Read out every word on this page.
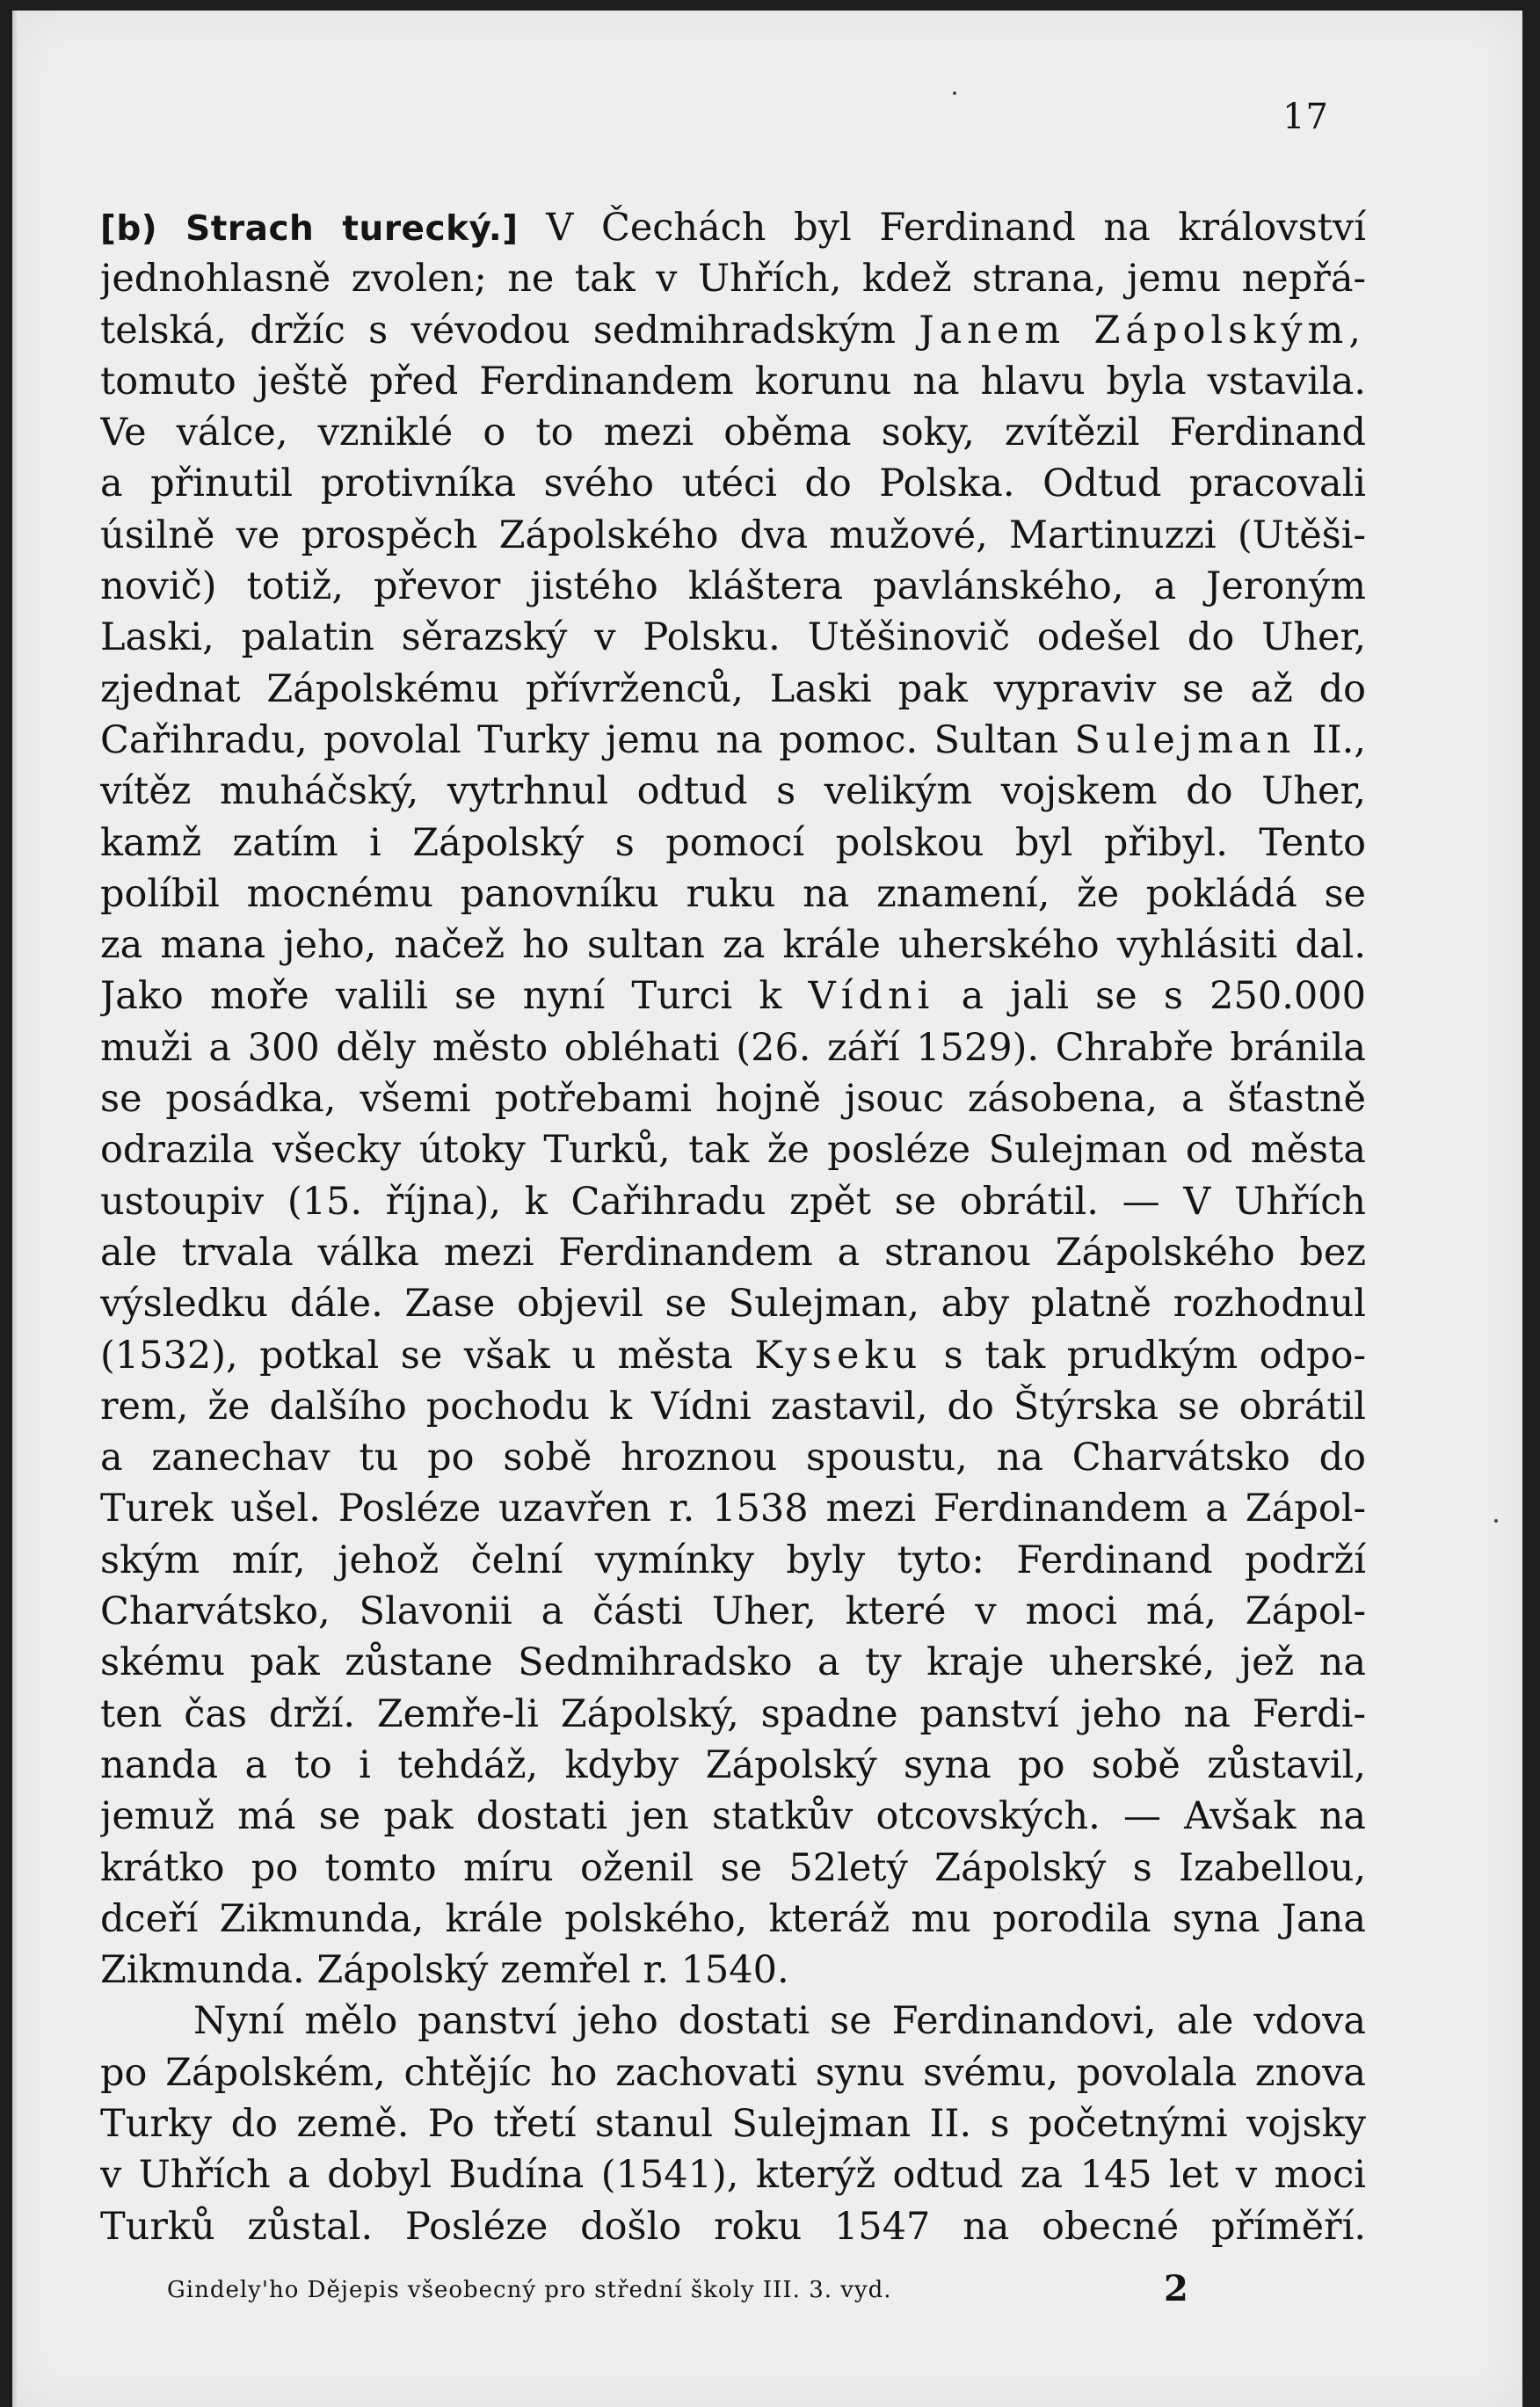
17
[b) Strach turecký.] V Čechách byl Ferdinand na království
jednohlasně zvolen; ne tak v Uhřích, kdež strana, jemu nepřá-
telská, držíc s vévodou sedmihradským Janem Zápolským,
tomuto ještě před Ferdinandem korunu na hlavu byla vstavila.
Ve válce, vzniklé o to mezi oběma soky, zvítězil Ferdinand
a přinutil protivníka svého utéci do Polska. Odtud pracovali
úsilně ve prospěch Zápolského dva mužové, Martinuzzi (Utěši-
novič) totiž, převor jistého kláštera pavlánského, a Jeroným
Laski, palatin sěrazský v Polsku. Utěšinovič odešel do Uher,
zjednat Zápolskému přívrženců, Laski pak vypraviv se až do
Cařihradu, povolal Turky jemu na pomoc. Sultan Sulejman II.,
vítěz muháčský, vytrhnul odtud s velikým vojskem do Uher,
kamž zatím i Zápolský s pomocí polskou byl přibyl. Tento
políbil mocnému panovníku ruku na znamení, že pokládá se
za mana jeho, načež ho sultan za krále uherského vyhlásiti dal.
Jako moře valili se nyní Turci k Vídni a jali se s 250.000
muži a 300 děly město obléhati (26. září 1529). Chrabře bránila
se posádka, všemi potřebami hojně jsouc zásobena, a šťastně
odrazila všecky útoky Turků, tak že posléze Sulejman od města
ustoupiv (15. října), k Cařihradu zpět se obrátil. — V Uhřích
ale trvala válka mezi Ferdinandem a stranou Zápolského bez
výsledku dále. Zase objevil se Sulejman, aby platně rozhodnul
(1532), potkal se však u města Kyseku s tak prudkým odpo-
rem, že dalšího pochodu k Vídni zastavil, do Štýrska se obrátil
a zanechav tu po sobě hroznou spoustu, na Charvátsko do
Turek ušel. Posléze uzavřen r. 1538 mezi Ferdinandem a Zápol-
ským mír, jehož čelní vymínky byly tyto: Ferdinand podrží
Charvátsko, Slavonii a části Uher, které v moci má, Zápol-
skému pak zůstane Sedmihradsko a ty kraje uherské, jež na
ten čas drží. Zemře-li Zápolský, spadne panství jeho na Ferdi-
nanda a to i tehdáž, kdyby Zápolský syna po sobě zůstavil,
jemuž má se pak dostati jen statkův otcovských. — Avšak na
krátko po tomto míru oženil se 52letý Zápolský s Izabellou,
dceří Zikmunda, krále polského, kteráž mu porodila syna Jana
Zikmunda. Zápolský zemřel r. 1540.
Nyní mělo panství jeho dostati se Ferdinandovi, ale vdova
po Zápolském, chtějíc ho zachovati synu svému, povolala znova
Turky do země. Po třetí stanul Sulejman II. s početnými vojsky
v Uhřích a dobyl Budína (1541), kterýž odtud za 145 let v moci
Turků zůstal. Posléze došlo roku 1547 na obecné příměří.
Gindely'ho Dějepis všeobecný pro střední školy III. 3. vyd.	2
